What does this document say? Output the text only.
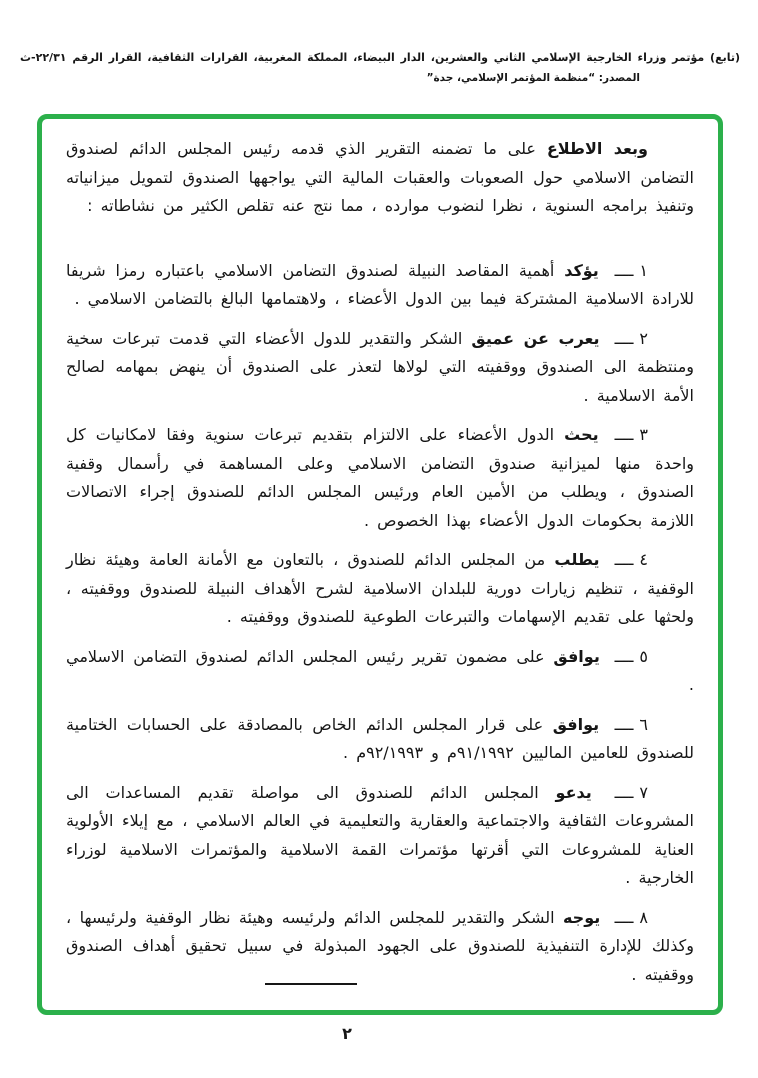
(تابع) مؤتمر وزراء الخارجية الإسلامي الثاني والعشرين، الدار البيضاء، المملكة المغربية، القرارات الثقافية، القرار الرقم ٢٢/٣١-ث
المصدر: “منظمة المؤتمر الإسلامي، جدة”

وبعد الاطلاع على ما تضمنه التقرير الذي قدمه رئيس المجلس الدائم لصندوق التضامن الاسلامي حول الصعوبات والعقبات المالية التي يواجهها الصندوق لتمويل ميزانياته وتنفيذ برامجه السنوية ، نظرا لنضوب موارده ، مما نتج عنه تقلص الكثير من نشاطاته :

١ــــ يؤكد أهمية المقاصد النبيلة لصندوق التضامن الاسلامي باعتباره رمزا شريفا للارادة الاسلامية المشتركة فيما بين الدول الأعضاء ، ولاهتمامها البالغ بالتضامن الاسلامي .

٢ــــ يعرب عن عميق الشكر والتقدير للدول الأعضاء التي قدمت تبرعات سخية ومنتظمة الى الصندوق ووقفيته التي لولاها لتعذر على الصندوق أن ينهض بمهامه لصالح الأمة الاسلامية .

٣ــــ يحث الدول الأعضاء على الالتزام بتقديم تبرعات سنوية وفقا لامكانيات كل واحدة منها لميزانية صندوق التضامن الاسلامي وعلى المساهمة في رأسمال وقفية الصندوق ، ويطلب من الأمين العام ورئيس المجلس الدائم للصندوق إجراء الاتصالات اللازمة بحكومات الدول الأعضاء بهذا الخصوص .

٤ــــ يطلب من المجلس الدائم للصندوق ، بالتعاون مع الأمانة العامة وهيئة نظار الوقفية ، تنظيم زيارات دورية للبلدان الاسلامية لشرح الأهداف النبيلة للصندوق ووقفيته ، ولحثها على تقديم الإسهامات والتبرعات الطوعية للصندوق ووقفيته .

٥ــــ يوافق على مضمون تقرير رئيس المجلس الدائم لصندوق التضامن الاسلامي .

٦ــــ يوافق على قرار المجلس الدائم الخاص بالمصادقة على الحسابات الختامية للصندوق للعامين الماليين ٩١/١٩٩٢م و ٩٢/١٩٩٣م .

٧ــــ يدعو المجلس الدائم للصندوق الى مواصلة تقديم المساعدات الى المشروعات الثقافية والاجتماعية والعقارية والتعليمية في العالم الاسلامي ، مع إيلاء الأولوية العناية للمشروعات التي أقرتها مؤتمرات القمة الاسلامية والمؤتمرات الاسلامية لوزراء الخارجية .

٨ــــ يوجه الشكر والتقدير للمجلس الدائم ولرئيسه وهيئة نظار الوقفية ولرئيسها ، وكذلك للإدارة التنفيذية للصندوق على الجهود المبذولة في سبيل تحقيق أهداف الصندوق ووقفيته .

٢
